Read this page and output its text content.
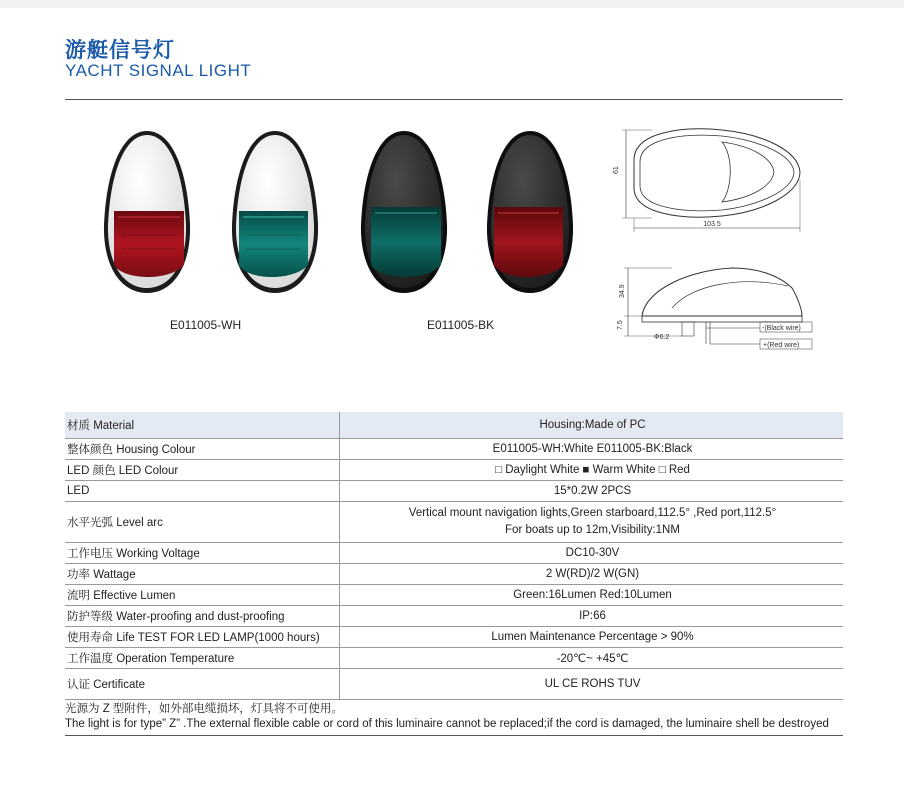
游艇信号灯
YACHT SIGNAL LIGHT
E011005-WH	E011005-BK
61
103.5
-(Black wire)
+(Red wire)
34.9
7.5
Φ6.2
材质 Material	Housing:Made of PC
整体颜色 Housing Colour	E011005-WH:White E011005-BK:Black
LED 颜色 LED Colour	□ Daylight White ■ Warm White □ Red
LED	15*0.2W 2PCS
水平光弧 Level arc	Vertical mount navigation lights,Green starboard,112.5° ,Red port,112.5°
For boats up to 12m,Visibility:1NM

工作电压 Working Voltage	DC10-30V
功率 Wattage	2 W(RD)/2 W(GN)
流明 Effective Lumen	Green:16Lumen Red:10Lumen
防护等级 Water-proofing and dust-proofing	IP:66
使用寿命 Life TEST FOR LED LAMP(1000 hours)	Lumen Maintenance Percentage > 90%
工作温度 Operation Temperature	-20℃~ +45℃
认证 Certificate	UL CE ROHS TUV
光源为 Z 型附件，如外部电缆损坏，灯具将不可使用。
The light is for type” Z” .The external flexible cable or cord of this luminaire cannot be replaced;if the cord is damaged, the luminaire shell be destroyed
